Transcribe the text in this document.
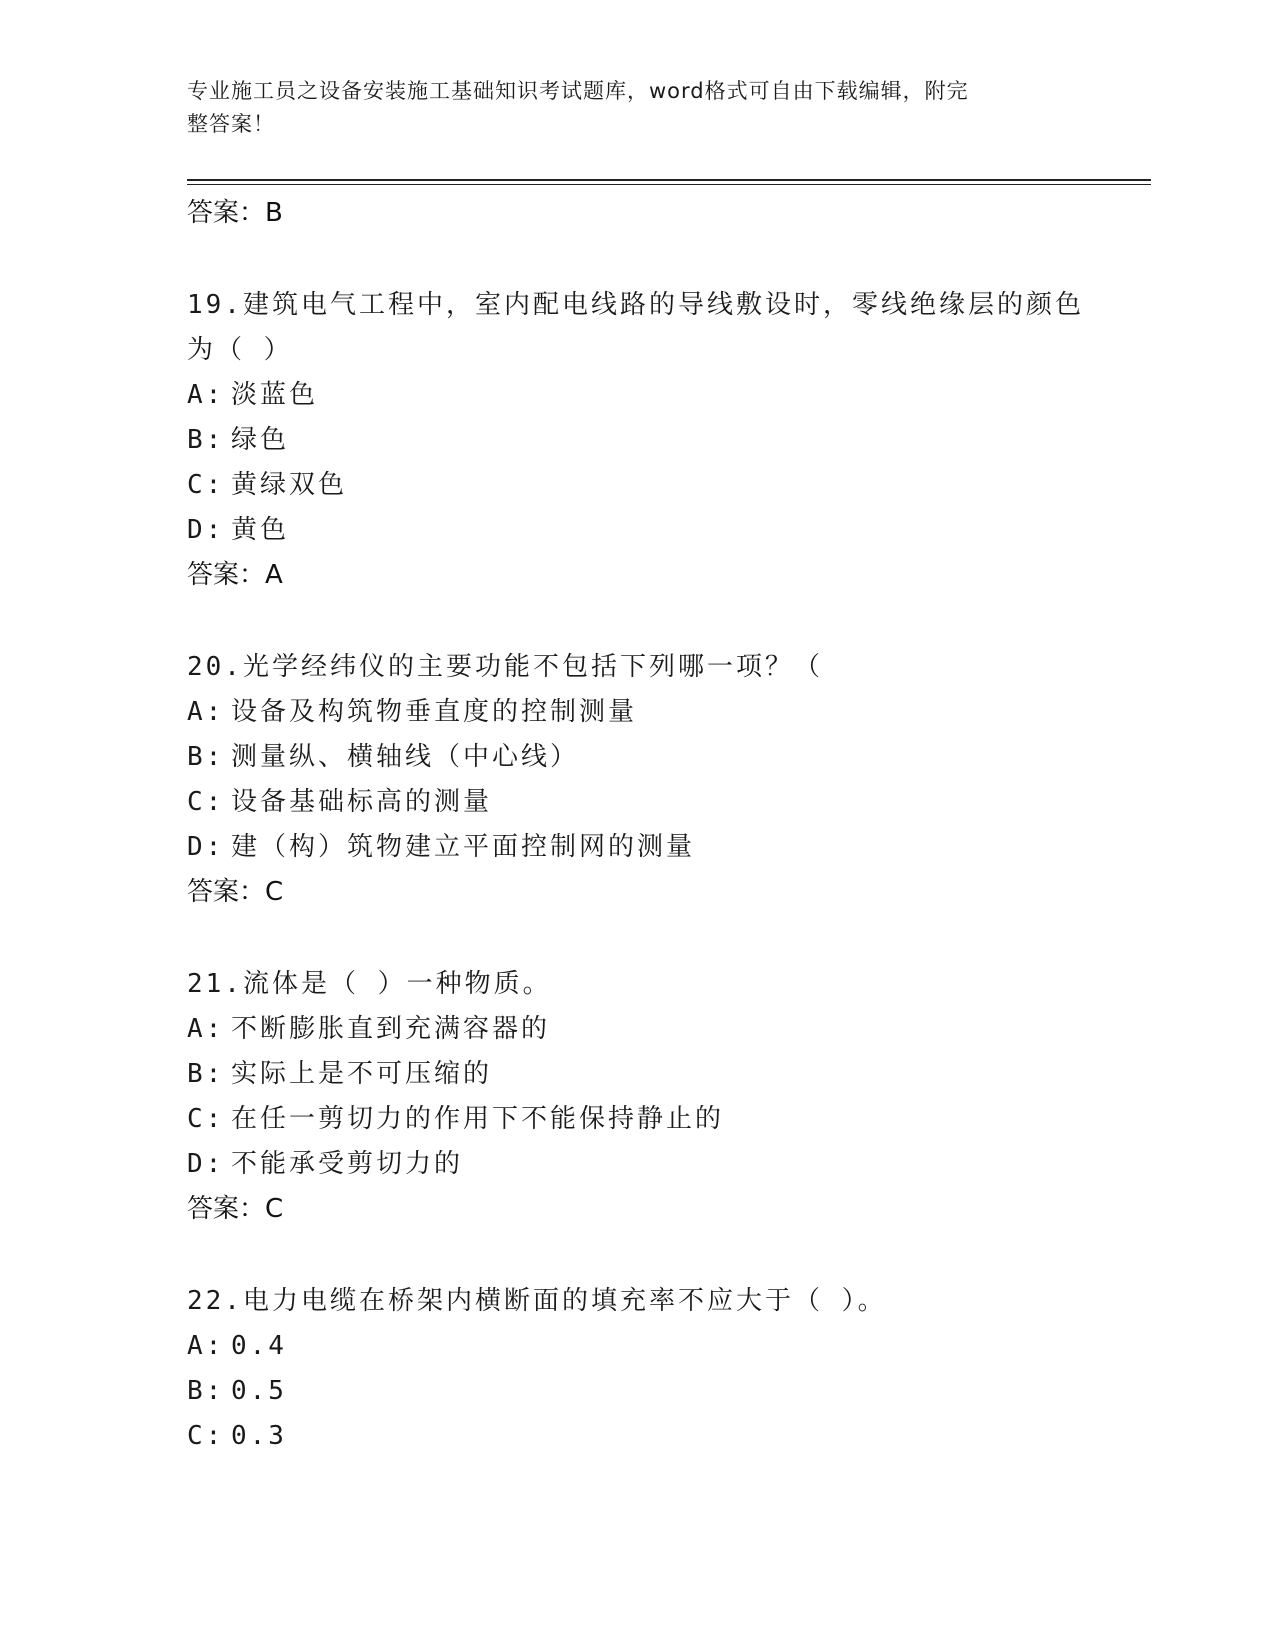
专业施工员之设备安装施工基础知识考试题库，word格式可自由下载编辑，附完
整答案！

答案：B

19.建筑电气工程中，室内配电线路的导线敷设时，零线绝缘层的颜色

为（ ）

A: 淡蓝色

B: 绿色

C: 黄绿双色

D: 黄色

答案：A

20.光学经纬仪的主要功能不包括下列哪一项？（

A: 设备及构筑物垂直度的控制测量

B: 测量纵、横轴线（中心线）

C: 设备基础标高的测量

D: 建（构）筑物建立平面控制网的测量

答案：C

21.流体是（ ）一种物质。

A: 不断膨胀直到充满容器的

B: 实际上是不可压缩的

C: 在任一剪切力的作用下不能保持静止的

D: 不能承受剪切力的

答案：C

22.电力电缆在桥架内横断面的填充率不应大于（ ）。

A: 0.4

B: 0.5

C: 0.3
